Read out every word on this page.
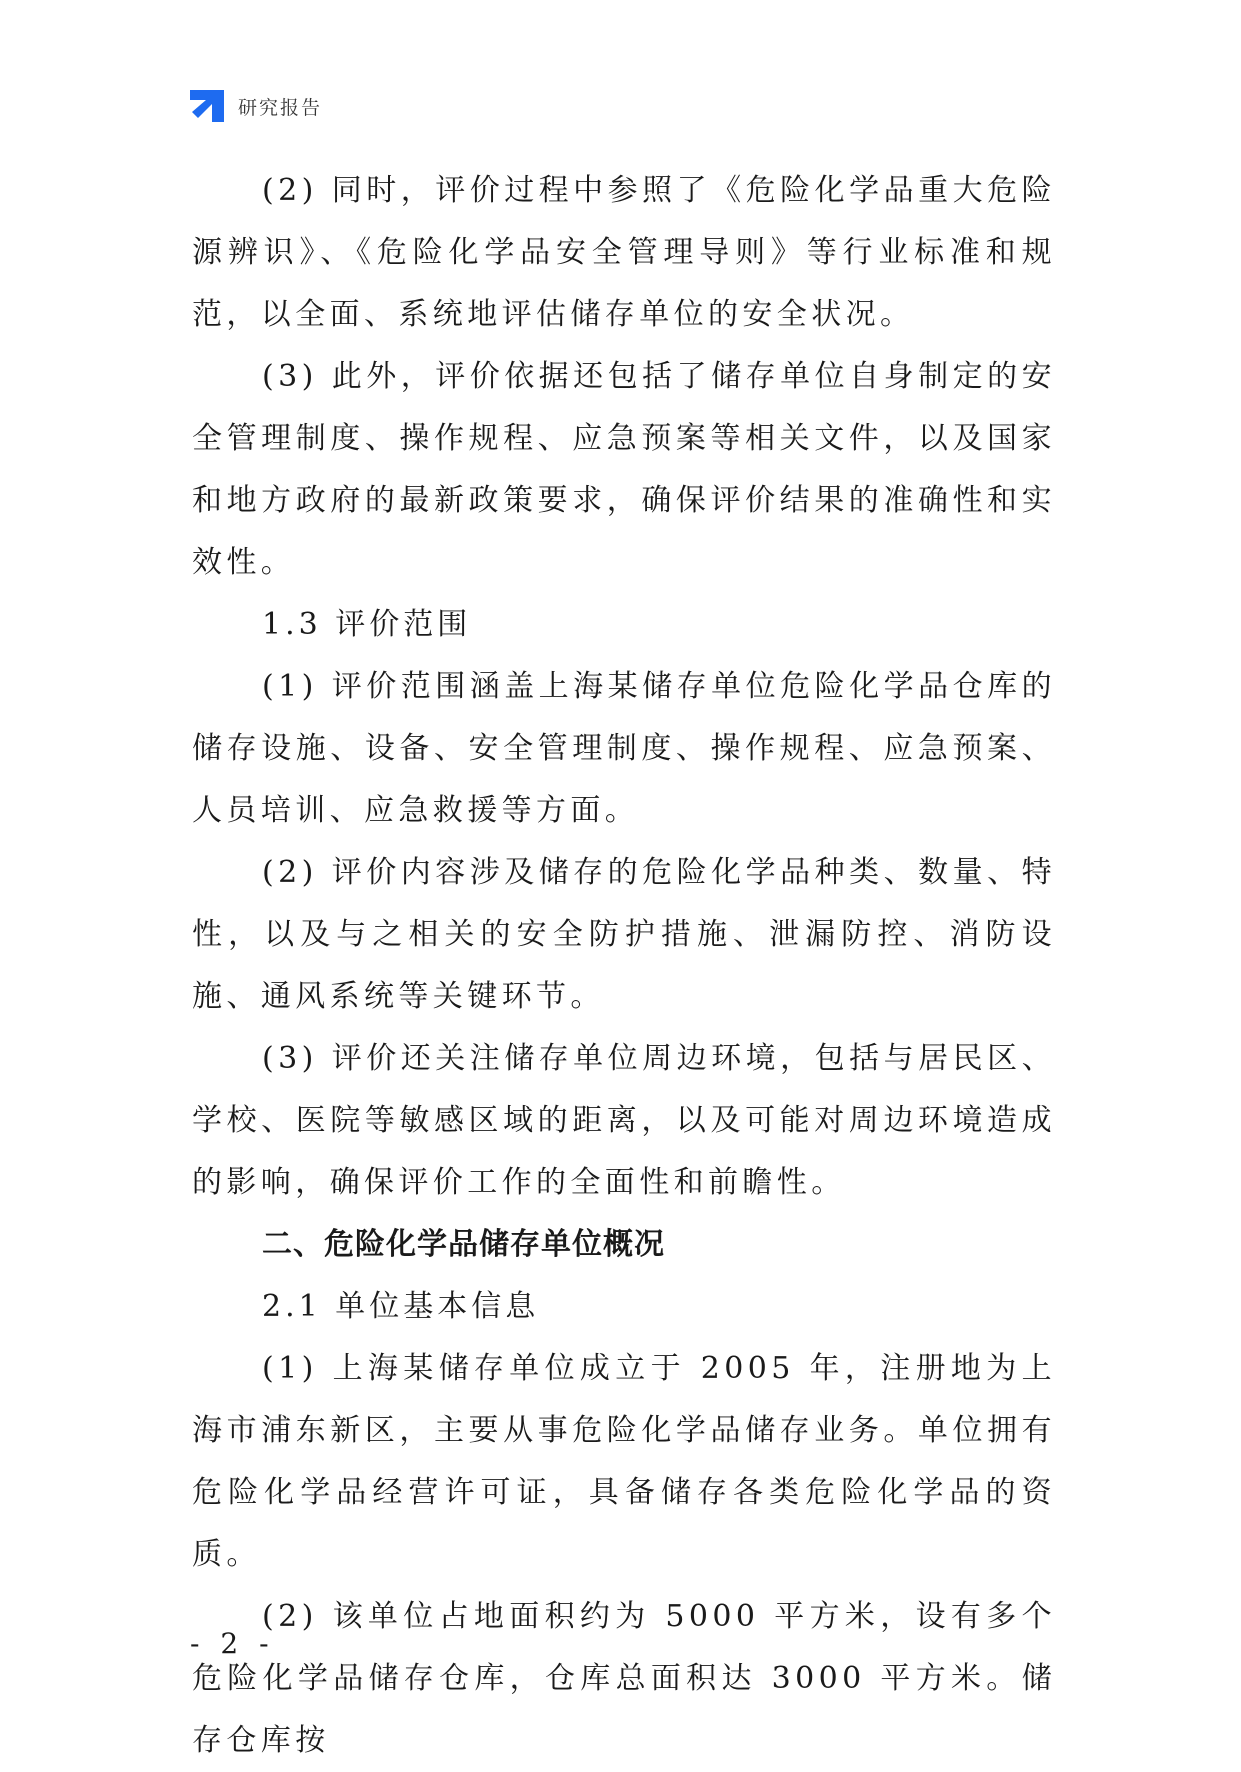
研究报告

(2) 同时，评价过程中参照了《危险化学品重大危险源辨识》、《危险化学品安全管理导则》等行业标准和规范，以全面、系统地评估储存单位的安全状况。

(3) 此外，评价依据还包括了储存单位自身制定的安全管理制度、操作规程、应急预案等相关文件，以及国家和地方政府的最新政策要求，确保评价结果的准确性和实效性。

1.3 评价范围

(1) 评价范围涵盖上海某储存单位危险化学品仓库的储存设施、设备、安全管理制度、操作规程、应急预案、人员培训、应急救援等方面。

(2) 评价内容涉及储存的危险化学品种类、数量、特性，以及与之相关的安全防护措施、泄漏防控、消防设施、通风系统等关键环节。

(3) 评价还关注储存单位周边环境，包括与居民区、学校、医院等敏感区域的距离，以及可能对周边环境造成的影响，确保评价工作的全面性和前瞻性。

二、危险化学品储存单位概况

2.1 单位基本信息

(1) 上海某储存单位成立于 2005 年，注册地为上海市浦东新区，主要从事危险化学品储存业务。单位拥有危险化学品经营许可证，具备储存各类危险化学品的资质。

(2) 该单位占地面积约为 5000 平方米，设有多个危险化学品储存仓库，仓库总面积达 3000 平方米。储存仓库按

- 2 -
